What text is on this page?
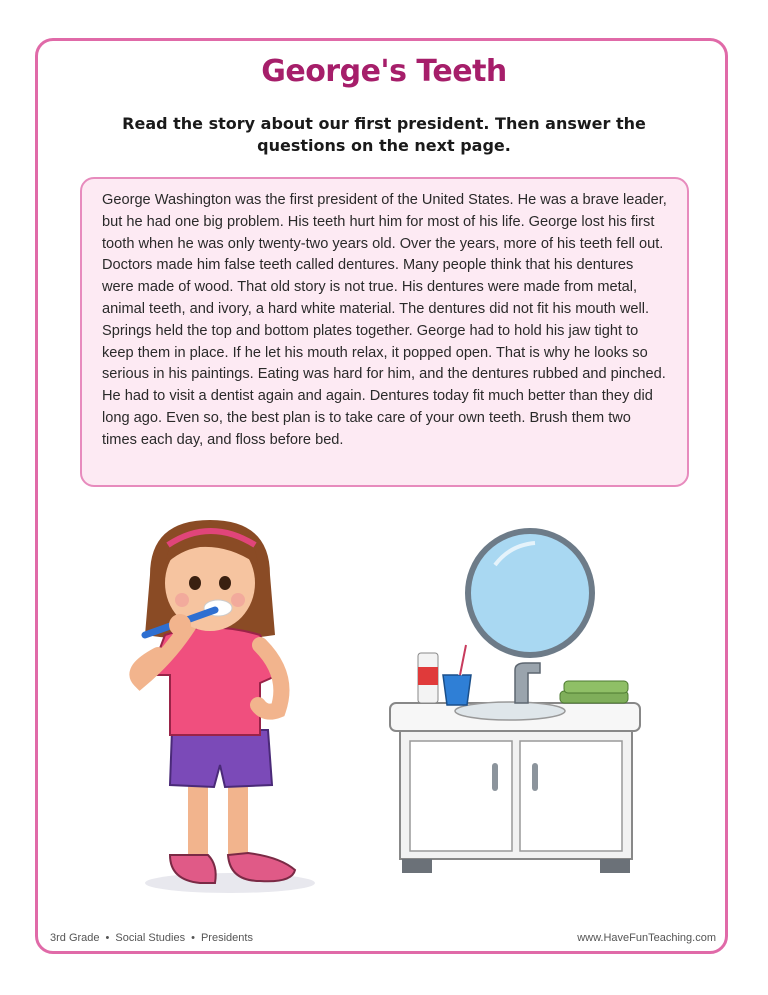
George's Teeth
Read the story about our first president. Then answer the questions on the next page.
George Washington was the first president of the United States. He was a brave leader, but he had one big problem. His teeth hurt him for most of his life. George lost his first tooth when he was only twenty-two years old. Over the years, more of his teeth fell out. Doctors made him false teeth called dentures. Many people think that his dentures were made of wood. That old story is not true. His dentures were made from metal, animal teeth, and ivory, a hard white material. The dentures did not fit his mouth well. Springs held the top and bottom plates together. George had to hold his jaw tight to keep them in place. If he let his mouth relax, it popped open. That is why he looks so serious in his paintings. Eating was hard for him, and the dentures rubbed and pinched. He had to visit a dentist again and again. Dentures today fit much better than they did long ago. Even so, the best plan is to take care of your own teeth. Brush them two times each day, and floss before bed.
3rd Grade • Social Studies • Presidents	www.HaveFunTeaching.com
